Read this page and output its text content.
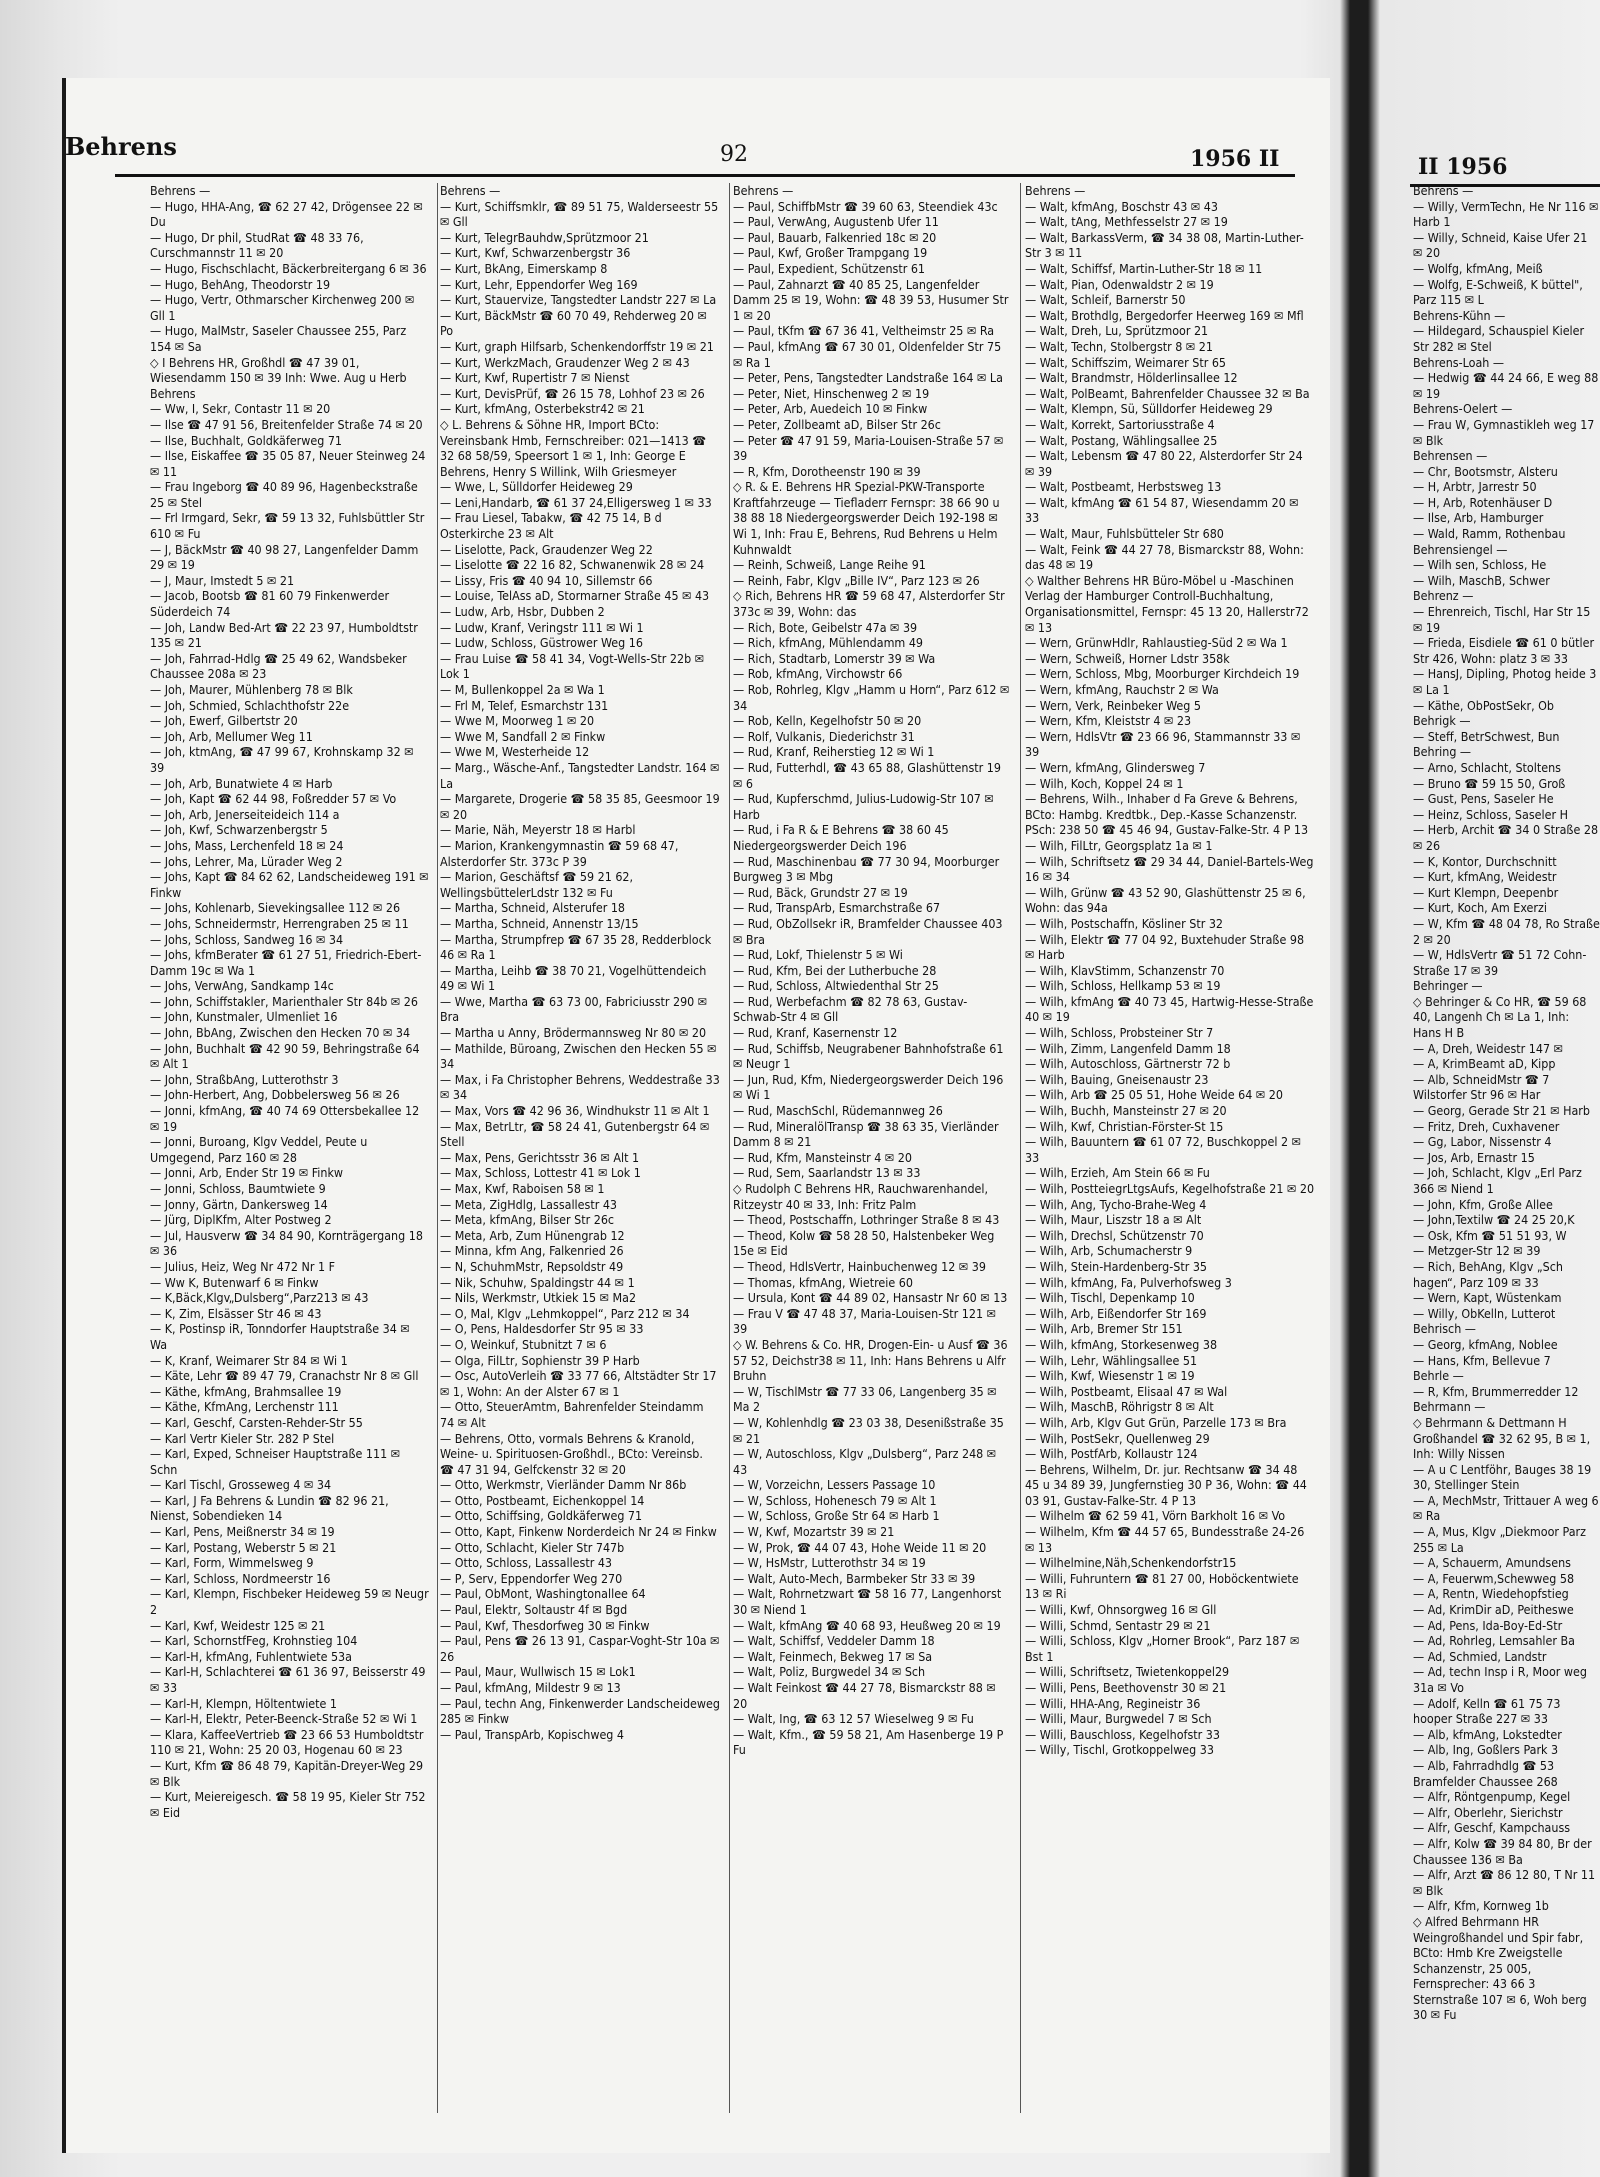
Behrens	92	1956 II	II 1956

Behrens —

— Hugo, HHA-Ang, ☎ 62 27 42, Drögensee 22 ✉ Du

— Hugo, Dr phil, StudRat ☎ 48 33 76, Curschmannstr 11 ✉ 20

— Hugo, Fischschlacht, Bäckerbreitergang 6 ✉ 36

— Hugo, BehAng, Theodorstr 19

— Hugo, Vertr, Othmarscher Kirchenweg 200 ✉ Gll 1

— Hugo, MalMstr, Saseler Chaussee 255, Parz 154 ✉ Sa

◇ I Behrens HR, Großhdl ☎ 47 39 01, Wiesendamm 150 ✉ 39 Inh: Wwe. Aug u Herb Behrens

— Ww, I, Sekr, Contastr 11 ✉ 20

— Ilse ☎ 47 91 56, Breitenfelder Straße 74 ✉ 20

— Ilse, Buchhalt, Goldkäferweg 71

— Ilse, Eiskaffee ☎ 35 05 87, Neuer Steinweg 24 ✉ 11

— Frau Ingeborg ☎ 40 89 96, Hagenbeckstraße 25 ✉ Stel

— Frl Irmgard, Sekr, ☎ 59 13 32, Fuhlsbüttler Str 610 ✉ Fu

— J, BäckMstr ☎ 40 98 27, Langenfelder Damm 29 ✉ 19

— J, Maur, Imstedt 5 ✉ 21

— Jacob, Bootsb ☎ 81 60 79 Finkenwerder Süderdeich 74

— Joh, Landw Bed-Art ☎ 22 23 97, Humboldtstr 135 ✉ 21

— Joh, Fahrrad-Hdlg ☎ 25 49 62, Wandsbeker Chaussee 208a ✉ 23

— Joh, Maurer, Mühlenberg 78 ✉ Blk

— Joh, Schmied, Schlachthofstr 22e

— Joh, Ewerf, Gilbertstr 20

— Joh, Arb, Mellumer Weg 11

— Joh, ktmAng, ☎ 47 99 67, Krohnskamp 32 ✉ 39

— Joh, Arb, Bunatwiete 4 ✉ Harb

— Joh, Kapt ☎ 62 44 98, Foßredder 57 ✉ Vo

— Joh, Arb, Jenerseiteideich 114 a

— Joh, Kwf, Schwarzenbergstr 5

— Johs, Mass, Lerchenfeld 18 ✉ 24

— Johs, Lehrer, Ma, Lürader Weg 2

— Johs, Kapt ☎ 84 62 62, Landscheideweg 191 ✉ Finkw

— Johs, Kohlenarb, Sievekingsallee 112 ✉ 26

— Johs, Schneidermstr, Herrengraben 25 ✉ 11

— Johs, Schloss, Sandweg 16 ✉ 34

— Johs, kfmBerater ☎ 61 27 51, Friedrich-Ebert-Damm 19c ✉ Wa 1

— Johs, VerwAng, Sandkamp 14c

— John, Schiffstakler, Marienthaler Str 84b ✉ 26

— John, Kunstmaler, Ulmenliet 16

— John, BbAng, Zwischen den Hecken 70 ✉ 34

— John, Buchhalt ☎ 42 90 59, Behringstraße 64 ✉ Alt 1

— John, StraßbAng, Lutterothstr 3

— John-Herbert, Ang, Dobbelersweg 56 ✉ 26

— Jonni, kfmAng, ☎ 40 74 69 Ottersbekallee 12 ✉ 19

— Jonni, Buroang, Klgv Veddel, Peute u Umgegend, Parz 160 ✉ 28

— Jonni, Arb, Ender Str 19 ✉ Finkw

— Jonni, Schloss, Baumtwiete 9

— Jonny, Gärtn, Dankersweg 14

— Jürg, DiplKfm, Alter Postweg 2

— Jul, Hausverw ☎ 34 84 90, Kornträgergang 18 ✉ 36

— Julius, Heiz, Weg Nr 472 Nr 1 F

— Ww K, Butenwarf 6 ✉ Finkw

— K,Bäck,Klgv„Dulsberg“,Parz213 ✉ 43

— K, Zim, Elsässer Str 46 ✉ 43

— K, Postinsp iR, Tonndorfer Hauptstraße 34 ✉ Wa

— K, Kranf, Weimarer Str 84 ✉ Wi 1

— Käte, Lehr ☎ 89 47 79, Cranachstr Nr 8 ✉ Gll

— Käthe, kfmAng, Brahmsallee 19

— Käthe, KfmAng, Lerchenstr 111

— Karl, Geschf, Carsten-Rehder-Str 55

— Karl Vertr Kieler Str. 282 P Stel

— Karl, Exped, Schneiser Hauptstraße 111 ✉ Schn

— Karl Tischl, Grosseweg 4 ✉ 34

— Karl, J Fa Behrens & Lundin ☎ 82 96 21, Nienst, Sobendieken 14

— Karl, Pens, Meißnerstr 34 ✉ 19

— Karl, Postang, Weberstr 5 ✉ 21

— Karl, Form, Wimmelsweg 9

— Karl, Schloss, Nordmeerstr 16

— Karl, Klempn, Fischbeker Heideweg 59 ✉ Neugr 2

— Karl, Kwf, Weidestr 125 ✉ 21

— Karl, SchornstfFeg, Krohnstieg 104

— Karl-H, kfmAng, Fuhlentwiete 53a

— Karl-H, Schlachterei ☎ 61 36 97, Beisserstr 49 ✉ 33

— Karl-H, Klempn, Höltentwiete 1

— Karl-H, Elektr, Peter-Beenck-Straße 52 ✉ Wi 1

— Klara, KaffeeVertrieb ☎ 23 66 53 Humboldtstr 110 ✉ 21, Wohn: 25 20 03, Hogenau 60 ✉ 23

— Kurt, Kfm ☎ 86 48 79, Kapitän-Dreyer-Weg 29 ✉ Blk

— Kurt, Meiereigesch. ☎ 58 19 95, Kieler Str 752 ✉ Eid

Behrens —

— Kurt, Schiffsmklr, ☎ 89 51 75, Walderseestr 55 ✉ Gll

— Kurt, TelegrBauhdw,Sprützmoor 21

— Kurt, Kwf, Schwarzenbergstr 36

— Kurt, BkAng, Eimerskamp 8

— Kurt, Lehr, Eppendorfer Weg 169

— Kurt, Stauervize, Tangstedter Landstr 227 ✉ La

— Kurt, BäckMstr ☎ 60 70 49, Rehderweg 20 ✉ Po

— Kurt, graph Hilfsarb, Schenkendorffstr 19 ✉ 21

— Kurt, WerkzMach, Graudenzer Weg 2 ✉ 43

— Kurt, Kwf, Rupertistr 7 ✉ Nienst

— Kurt, DevisPrüf, ☎ 26 15 78, Lohhof 23 ✉ 26

— Kurt, kfmAng, Osterbekstr42 ✉ 21

◇ L. Behrens & Söhne HR, Import BCto: Vereinsbank Hmb, Fernschreiber: 021—1413 ☎ 32 68 58/59, Speersort 1 ✉ 1, Inh: George E Behrens, Henry S Willink, Wilh Griesmeyer

— Wwe, L, Sülldorfer Heideweg 29

— Leni,Handarb, ☎ 61 37 24,Elligersweg 1 ✉ 33

— Frau Liesel, Tabakw, ☎ 42 75 14, B d Osterkirche 23 ✉ Alt

— Liselotte, Pack, Graudenzer Weg 22

— Liselotte ☎ 22 16 82, Schwanenwik 28 ✉ 24

— Lissy, Fris ☎ 40 94 10, Sillemstr 66

— Louise, TelAss aD, Stormarner Straße 45 ✉ 43

— Ludw, Arb, Hsbr, Dubben 2

— Ludw, Kranf, Veringstr 111 ✉ Wi 1

— Ludw, Schloss, Güstrower Weg 16

— Frau Luise ☎ 58 41 34, Vogt-Wells-Str 22b ✉ Lok 1

— M, Bullenkoppel 2a ✉ Wa 1

— Frl M, Telef, Esmarchstr 131

— Wwe M, Moorweg 1 ✉ 20

— Wwe M, Sandfall 2 ✉ Finkw

— Wwe M, Westerheide 12

— Marg., Wäsche-Anf., Tangstedter Landstr. 164 ✉ La

— Margarete, Drogerie ☎ 58 35 85, Geesmoor 19 ✉ 20

— Marie, Näh, Meyerstr 18 ✉ Harbl

— Marion, Krankengymnastin ☎ 59 68 47, Alsterdorfer Str. 373c P 39

— Marion, Geschäftsf ☎ 59 21 62, WellingsbüttelerLdstr 132 ✉ Fu

— Martha, Schneid, Alsterufer 18

— Martha, Schneid, Annenstr 13/15

— Martha, Strumpfrep ☎ 67 35 28, Redderblock 46 ✉ Ra 1

— Martha, Leihb ☎ 38 70 21, Vogelhüttendeich 49 ✉ Wi 1

— Wwe, Martha ☎ 63 73 00, Fabriciusstr 290 ✉ Bra

— Martha u Anny, Brödermannsweg Nr 80 ✉ 20

— Mathilde, Büroang, Zwischen den Hecken 55 ✉ 34

— Max, i Fa Christopher Behrens, Weddestraße 33 ✉ 34

— Max, Vors ☎ 42 96 36, Windhukstr 11 ✉ Alt 1

— Max, BetrLtr, ☎ 58 24 41, Gutenbergstr 64 ✉ Stell

— Max, Pens, Gerichtsstr 36 ✉ Alt 1

— Max, Schloss, Lottestr 41 ✉ Lok 1

— Max, Kwf, Raboisen 58 ✉ 1

— Meta, ZigHdlg, Lassallestr 43

— Meta, kfmAng, Bilser Str 26c

— Meta, Arb, Zum Hünengrab 12

— Minna, kfm Ang, Falkenried 26

— N, SchuhmMstr, Repsoldstr 49

— Nik, Schuhw, Spaldingstr 44 ✉ 1

— Nils, Werkmstr, Utkiek 15 ✉ Ma2

— O, Mal, Klgv „Lehmkoppel“, Parz 212 ✉ 34

— O, Pens, Haldesdorfer Str 95 ✉ 33

— O, Weinkuf, Stubnitzt 7 ✉ 6

— Olga, FilLtr, Sophienstr 39 P Harb

— Osc, AutoVerleih ☎ 33 77 66, Altstädter Str 17 ✉ 1, Wohn: An der Alster 67 ✉ 1

— Otto, SteuerAmtm, Bahrenfelder Steindamm 74 ✉ Alt

— Behrens, Otto, vormals Behrens & Kranold, Weine- u. Spirituosen-Großhdl., BCto: Vereinsb. ☎ 47 31 94, Gelfckenstr 32 ✉ 20

— Otto, Werkmstr, Vierländer Damm Nr 86b

— Otto, Postbeamt, Eichenkoppel 14

— Otto, Schiffsing, Goldkäferweg 71

— Otto, Kapt, Finkenw Norderdeich Nr 24 ✉ Finkw

— Otto, Schlacht, Kieler Str 747b

— Otto, Schloss, Lassallestr 43

— P, Serv, Eppendorfer Weg 270

— Paul, ObMont, Washingtonallee 64

— Paul, Elektr, Soltaustr 4f ✉ Bgd

— Paul, Kwf, Thesdorfweg 30 ✉ Finkw

— Paul, Pens ☎ 26 13 91, Caspar-Voght-Str 10a ✉ 26

— Paul, Maur, Wullwisch 15 ✉ Lok1

— Paul, kfmAng, Mildestr 9 ✉ 13

— Paul, techn Ang, Finkenwerder Landscheideweg 285 ✉ Finkw

— Paul, TranspArb, Kopischweg 4

Behrens —

— Paul, SchiffbMstr ☎ 39 60 63, Steendiek 43c

— Paul, VerwAng, Augustenb Ufer 11

— Paul, Bauarb, Falkenried 18c ✉ 20

— Paul, Kwf, Großer Trampgang 19

— Paul, Expedient, Schützenstr 61

— Paul, Zahnarzt ☎ 40 85 25, Langenfelder Damm 25 ✉ 19, Wohn: ☎ 48 39 53, Husumer Str 1 ✉ 20

— Paul, tKfm ☎ 67 36 41, Veltheimstr 25 ✉ Ra

— Paul, kfmAng ☎ 67 30 01, Oldenfelder Str 75 ✉ Ra 1

— Peter, Pens, Tangstedter Landstraße 164 ✉ La

— Peter, Niet, Hinschenweg 2 ✉ 19

— Peter, Arb, Auedeich 10 ✉ Finkw

— Peter, Zollbeamt aD, Bilser Str 26c

— Peter ☎ 47 91 59, Maria-Louisen-Straße 57 ✉ 39

— R, Kfm, Dorotheenstr 190 ✉ 39

◇ R. & E. Behrens HR Spezial-PKW-Transporte Kraftfahrzeuge — Tiefladerr Fernspr: 38 66 90 u 38 88 18 Niedergeorgswerder Deich 192-198 ✉ Wi 1, Inh: Frau E, Behrens, Rud Behrens u Helm Kuhnwaldt

— Reinh, Schweiß, Lange Reihe 91

— Reinh, Fabr, Klgv „Bille IV“, Parz 123 ✉ 26

◇ Rich, Behrens HR ☎ 59 68 47, Alsterdorfer Str 373c ✉ 39, Wohn: das

— Rich, Bote, Geibelstr 47a ✉ 39

— Rich, kfmAng, Mühlendamm 49

— Rich, Stadtarb, Lomerstr 39 ✉ Wa

— Rob, kfmAng, Virchowstr 66

— Rob, Rohrleg, Klgv „Hamm u Horn“, Parz 612 ✉ 34

— Rob, Kelln, Kegelhofstr 50 ✉ 20

— Rolf, Vulkanis, Diederichstr 31

— Rud, Kranf, Reiherstieg 12 ✉ Wi 1

— Rud, Futterhdl, ☎ 43 65 88, Glashüttenstr 19 ✉ 6

— Rud, Kupferschmd, Julius-Ludowig-Str 107 ✉ Harb

— Rud, i Fa R & E Behrens ☎ 38 60 45 Niedergeorgswerder Deich 196

— Rud, Maschinenbau ☎ 77 30 94, Moorburger Burgweg 3 ✉ Mbg

— Rud, Bäck, Grundstr 27 ✉ 19

— Rud, TranspArb, Esmarchstraße 67

— Rud, ObZollsekr iR, Bramfelder Chaussee 403 ✉ Bra

— Rud, Lokf, Thielenstr 5 ✉ Wi

— Rud, Kfm, Bei der Lutherbuche 28

— Rud, Schloss, Altwiedenthal Str 25

— Rud, Werbefachm ☎ 82 78 63, Gustav-Schwab-Str 4 ✉ Gll

— Rud, Kranf, Kasernenstr 12

— Rud, Schiffsb, Neugrabener Bahnhofstraße 61 ✉ Neugr 1

— Jun, Rud, Kfm, Niedergeorgswerder Deich 196 ✉ Wi 1

— Rud, MaschSchl, Rüdemannweg 26

— Rud, MineralölTransp ☎ 38 63 35, Vierländer Damm 8 ✉ 21

— Rud, Kfm, Mansteinstr 4 ✉ 20

— Rud, Sem, Saarlandstr 13 ✉ 33

◇ Rudolph C Behrens HR, Rauchwarenhandel, Ritzeystr 40 ✉ 33, Inh: Fritz Palm

— Theod, Postschaffn, Lothringer Straße 8 ✉ 43

— Theod, Kolw ☎ 58 28 50, Halstenbeker Weg 15e ✉ Eid

— Theod, HdlsVertr, Hainbuchenweg 12 ✉ 39

— Thomas, kfmAng, Wietreie 60

— Ursula, Kont ☎ 44 89 02, Hansastr Nr 60 ✉ 13

— Frau V ☎ 47 48 37, Maria-Louisen-Str 121 ✉ 39

◇ W. Behrens & Co. HR, Drogen-Ein- u Ausf ☎ 36 57 52, Deichstr38 ✉ 11, Inh: Hans Behrens u Alfr Bruhn

— W, TischlMstr ☎ 77 33 06, Langenberg 35 ✉ Ma 2

— W, Kohlenhdlg ☎ 23 03 38, Desenißstraße 35 ✉ 21

— W, Autoschloss, Klgv „Dulsberg“, Parz 248 ✉ 43

— W, Vorzeichn, Lessers Passage 10

— W, Schloss, Hohenesch 79 ✉ Alt 1

— W, Schloss, Große Str 64 ✉ Harb 1

— W, Kwf, Mozartstr 39 ✉ 21

— W, Prok, ☎ 44 07 43, Hohe Weide 11 ✉ 20

— W, HsMstr, Lutterothstr 34 ✉ 19

— Walt, Auto-Mech, Barmbeker Str 33 ✉ 39

— Walt, Rohrnetzwart ☎ 58 16 77, Langenhorst 30 ✉ Niend 1

— Walt, kfmAng ☎ 40 68 93, Heußweg 20 ✉ 19

— Walt, Schiffsf, Veddeler Damm 18

— Walt, Feinmech, Bekweg 17 ✉ Sa

— Walt, Poliz, Burgwedel 34 ✉ Sch

— Walt Feinkost ☎ 44 27 78, Bismarckstr 88 ✉ 20

— Walt, Ing, ☎ 63 12 57 Wieselweg 9 ✉ Fu

— Walt, Kfm., ☎ 59 58 21, Am Hasenberge 19 P Fu

Behrens —

— Walt, kfmAng, Boschstr 43 ✉ 43

— Walt, tAng, Methfesselstr 27 ✉ 19

— Walt, BarkassVerm, ☎ 34 38 08, Martin-Luther-Str 3 ✉ 11

— Walt, Schiffsf, Martin-Luther-Str 18 ✉ 11

— Walt, Pian, Odenwaldstr 2 ✉ 19

— Walt, Schleif, Barnerstr 50

— Walt, Brothdlg, Bergedorfer Heerweg 169 ✉ Mfl

— Walt, Dreh, Lu, Sprützmoor 21

— Walt, Techn, Stolbergstr 8 ✉ 21

— Walt, Schiffszim, Weimarer Str 65

— Walt, Brandmstr, Hölderlinsallee 12

— Walt, PolBeamt, Bahrenfelder Chaussee 32 ✉ Ba

— Walt, Klempn, Sü, Sülldorfer Heideweg 29

— Walt, Korrekt, Sartoriusstraße 4

— Walt, Postang, Wählingsallee 25

— Walt, Lebensm ☎ 47 80 22, Alsterdorfer Str 24 ✉ 39

— Walt, Postbeamt, Herbstsweg 13

— Walt, kfmAng ☎ 61 54 87, Wiesendamm 20 ✉ 33

— Walt, Maur, Fuhlsbütteler Str 680

— Walt, Feink ☎ 44 27 78, Bismarckstr 88, Wohn: das 48 ✉ 19

◇ Walther Behrens HR Büro-Möbel u -Maschinen Verlag der Hamburger Controll-Buchhaltung, Organisationsmittel, Fernspr: 45 13 20, Hallerstr72 ✉ 13

— Wern, GrünwHdlr, Rahlaustieg-Süd 2 ✉ Wa 1

— Wern, Schweiß, Horner Ldstr 358k

— Wern, Schloss, Mbg, Moorburger Kirchdeich 19

— Wern, kfmAng, Rauchstr 2 ✉ Wa

— Wern, Verk, Reinbeker Weg 5

— Wern, Kfm, Kleiststr 4 ✉ 23

— Wern, HdlsVtr ☎ 23 66 96, Stammannstr 33 ✉ 39

— Wern, kfmAng, Glindersweg 7

— Wilh, Koch, Koppel 24 ✉ 1

— Behrens, Wilh., Inhaber d Fa Greve & Behrens, BCto: Hambg. Kredtbk., Dep.-Kasse Schanzenstr. PSch: 238 50 ☎ 45 46 94, Gustav-Falke-Str. 4 P 13

— Wilh, FilLtr, Georgsplatz 1a ✉ 1

— Wilh, Schriftsetz ☎ 29 34 44, Daniel-Bartels-Weg 16 ✉ 34

— Wilh, Grünw ☎ 43 52 90, Glashüttenstr 25 ✉ 6, Wohn: das 94a

— Wilh, Postschaffn, Kösliner Str 32

— Wilh, Elektr ☎ 77 04 92, Buxtehuder Straße 98 ✉ Harb

— Wilh, KlavStimm, Schanzenstr 70

— Wilh, Schloss, Hellkamp 53 ✉ 19

— Wilh, kfmAng ☎ 40 73 45, Hartwig-Hesse-Straße 40 ✉ 19

— Wilh, Schloss, Probsteiner Str 7

— Wilh, Zimm, Langenfeld Damm 18

— Wilh, Autoschloss, Gärtnerstr 72 b

— Wilh, Bauing, Gneisenaustr 23

— Wilh, Arb ☎ 25 05 51, Hohe Weide 64 ✉ 20

— Wilh, Buchh, Mansteinstr 27 ✉ 20

— Wilh, Kwf, Christian-Förster-St 15

— Wilh, Bauuntern ☎ 61 07 72, Buschkoppel 2 ✉ 33

— Wilh, Erzieh, Am Stein 66 ✉ Fu

— Wilh, PostteiegrLtgsAufs, Kegelhofstraße 21 ✉ 20

— Wilh, Ang, Tycho-Brahe-Weg 4

— Wilh, Maur, Liszstr 18 a ✉ Alt

— Wilh, Drechsl, Schützenstr 70

— Wilh, Arb, Schumacherstr 9

— Wilh, Stein-Hardenberg-Str 35

— Wilh, kfmAng, Fa, Pulverhofsweg 3

— Wilh, Tischl, Depenkamp 10

— Wilh, Arb, Eißendorfer Str 169

— Wilh, Arb, Bremer Str 151

— Wilh, kfmAng, Storkesenweg 38

— Wilh, Lehr, Wählingsallee 51

— Wilh, Kwf, Wiesenstr 1 ✉ 19

— Wilh, Postbeamt, Elisaal 47 ✉ Wal

— Wilh, MaschB, Röhrigstr 8 ✉ Alt

— Wilh, Arb, Klgv Gut Grün, Parzelle 173 ✉ Bra

— Wilh, PostSekr, Quellenweg 29

— Wilh, PostfArb, Kollaustr 124

— Behrens, Wilhelm, Dr. jur. Rechtsanw ☎ 34 48 45 u 34 89 39, Jungfernstieg 30 P 36, Wohn: ☎ 44 03 91, Gustav-Falke-Str. 4 P 13

— Wilhelm ☎ 62 59 41, Vörn Barkholt 16 ✉ Vo

— Wilhelm, Kfm ☎ 44 57 65, Bundesstraße 24-26 ✉ 13

— Wilhelmine,Näh,Schenkendorfstr15

— Willi, Fuhruntern ☎ 81 27 00, Hoböckentwiete 13 ✉ Ri

— Willi, Kwf, Ohnsorgweg 16 ✉ Gll

— Willi, Schmd, Sentastr 29 ✉ 21

— Willi, Schloss, Klgv „Horner Brook“, Parz 187 ✉ Bst 1

— Willi, Schriftsetz, Twietenkoppel29

— Willi, Pens, Beethovenstr 30 ✉ 21

— Willi, HHA-Ang, Regineistr 36

— Willi, Maur, Burgwedel 7 ✉ Sch

— Willi, Bauschloss, Kegelhofstr 33

— Willy, Tischl, Grotkoppelweg 33

Behrens —

— Willy, VermTechn, He Nr 116 ✉ Harb 1

— Willy, Schneid, Kaise Ufer 21 ✉ 20

— Wolfg, kfmAng, Meiß

— Wolfg, E-Schweiß, K büttel", Parz 115 ✉ L

Behrens-Kühn —

— Hildegard, Schauspiel Kieler Str 282 ✉ Stel

Behrens-Loah —

— Hedwig ☎ 44 24 66, E weg 88 ✉ 19

Behrens-Oelert —

— Frau W, Gymnastikleh weg 17 ✉ Blk

Behrensen —

— Chr, Bootsmstr, Alsteru

— H, Arbtr, Jarrestr 50

— H, Arb, Rotenhäuser D

— Ilse, Arb, Hamburger

— Wald, Ramm, Rothenbau

Behrensiengel —

— Wilh sen, Schloss, He

— Wilh, MaschB, Schwer

Behrenz —

— Ehrenreich, Tischl, Har Str 15 ✉ 19

— Frieda, Eisdiele ☎ 61 0 bütler Str 426, Wohn: platz 3 ✉ 33

— HansJ, Dipling, Photog heide 3 ✉ La 1

— Käthe, ObPostSekr, Ob

Behrigk —

— Steff, BetrSchwest, Bun

Behring —

— Arno, Schlacht, Stoltens

— Bruno ☎ 59 15 50, Groß

— Gust, Pens, Saseler He

— Heinz, Schloss, Saseler H

— Herb, Archit ☎ 34 0 Straße 28 ✉ 26

— K, Kontor, Durchschnitt

— Kurt, kfmAng, Weidestr

— Kurt Klempn, Deepenbr

— Kurt, Koch, Am Exerzi

— W, Kfm ☎ 48 04 78, Ro Straße 2 ✉ 20

— W, HdlsVertr ☎ 51 72 Cohn-Straße 17 ✉ 39

Behringer —

◇ Behringer & Co HR, ☎ 59 68 40, Langenh Ch ✉ La 1, Inh: Hans H B

— A, Dreh, Weidestr 147 ✉

— A, KrimBeamt aD, Kipp

— Alb, SchneidMstr ☎ 7 Wilstorfer Str 96 ✉ Har

— Georg, Gerade Str 21 ✉ Harb

— Fritz, Dreh, Cuxhavener

— Gg, Labor, Nissenstr 4

— Jos, Arb, Ernastr 15

— Joh, Schlacht, Klgv „Erl Parz 366 ✉ Niend 1

— John, Kfm, Große Allee

— John,Textilw ☎ 24 25 20,K

— Osk, Kfm ☎ 51 51 93, W

— Metzger-Str 12 ✉ 39

— Rich, BehAng, Klgv „Sch hagen“, Parz 109 ✉ 33

— Wern, Kapt, Wüstenkam

— Willy, ObKelln, Lutterot

Behrisch —

— Georg, kfmAng, Noblee

— Hans, Kfm, Bellevue 7

Behrle —

— R, Kfm, Brummerredder 12

Behrmann —

◇ Behrmann & Dettmann H Großhandel ☎ 32 62 95, B ✉ 1, Inh: Willy Nissen

— A u C Lentföhr, Bauges 38 19 30, Stellinger Stein

— A, MechMstr, Trittauer A weg 6 ✉ Ra

— A, Mus, Klgv „Diekmoor Parz 255 ✉ La

— A, Schauerm, Amundsens

— A, Feuerwm,Schewweg 58

— A, Rentn, Wiedehopfstieg

— Ad, KrimDir aD, Peitheswe

— Ad, Pens, Ida-Boy-Ed-Str

— Ad, Rohrleg, Lemsahler Ba

— Ad, Schmied, Landstr

— Ad, techn Insp i R, Moor weg 31a ✉ Vo

— Adolf, Kelln ☎ 61 75 73 hooper Straße 227 ✉ 33

— Alb, kfmAng, Lokstedter

— Alb, Ing, Goßlers Park 3

— Alb, Fahrradhdlg ☎ 53 Bramfelder Chaussee 268

— Alfr, Röntgenpump, Kegel

— Alfr, Oberlehr, Sierichstr

— Alfr, Geschf, Kampchauss

— Alfr, Kolw ☎ 39 84 80, Br der Chaussee 136 ✉ Ba

— Alfr, Arzt ☎ 86 12 80, T Nr 11 ✉ Blk

— Alfr, Kfm, Kornweg 1b

◇ Alfred Behrmann HR Weingroßhandel und Spir fabr, BCto: Hmb Kre Zweigstelle Schanzenstr, 25 005, Fernsprecher: 43 66 3 Sternstraße 107 ✉ 6, Woh berg 30 ✉ Fu
